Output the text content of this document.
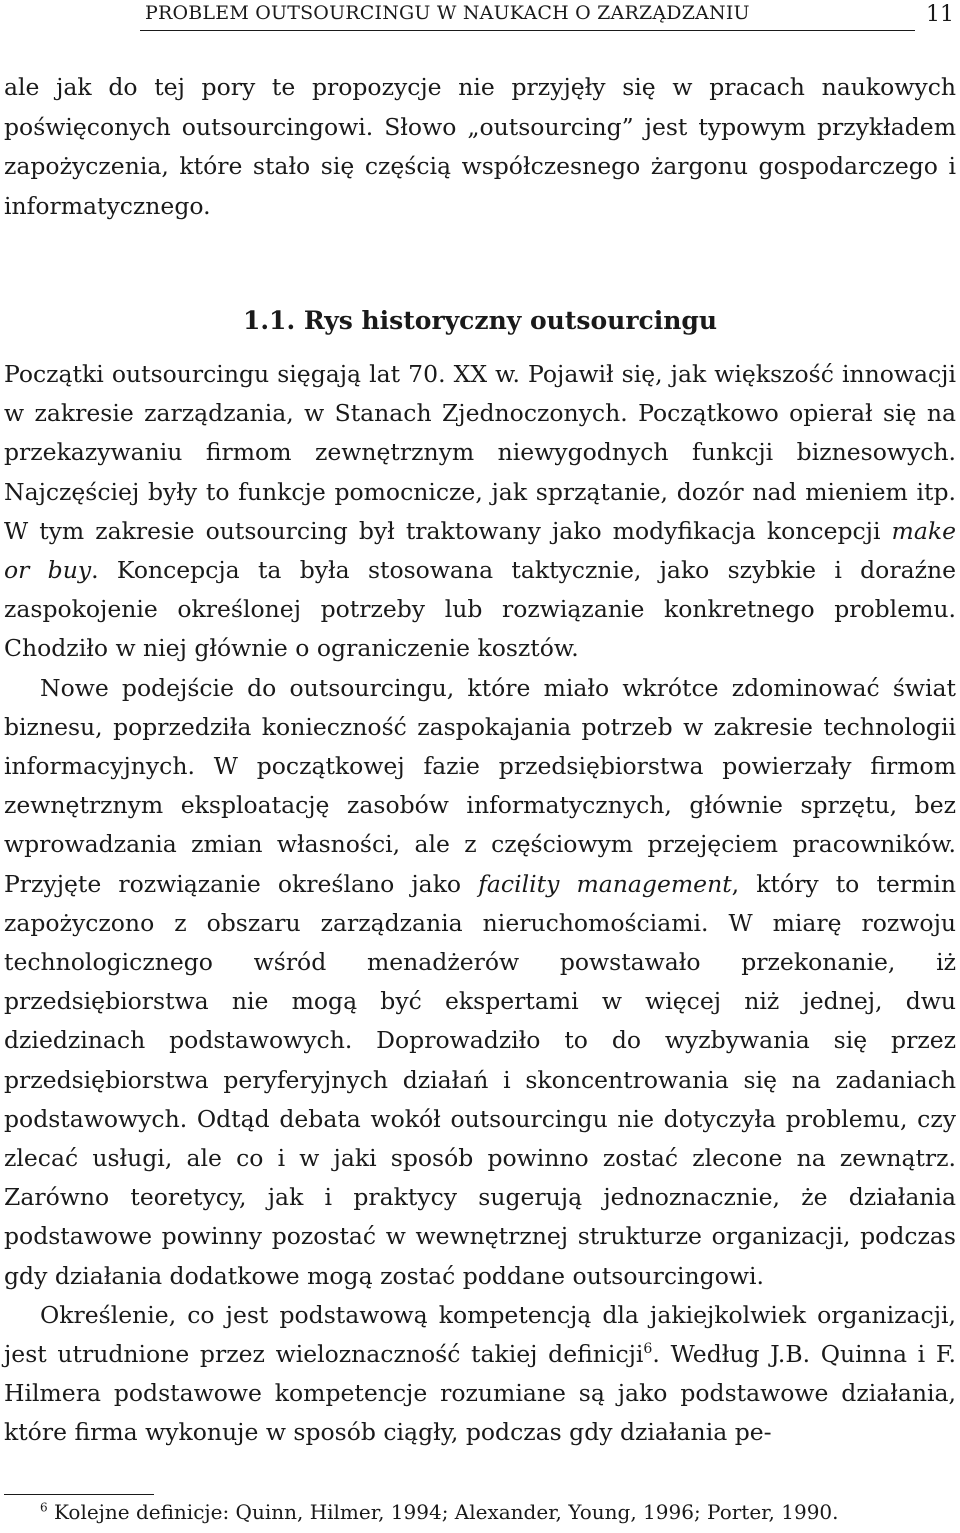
PROBLEM OUTSOURCINGU W NAUKACH O ZARZĄDZANIU	11

ale jak do tej pory te propozycje nie przyjęły się w pracach naukowych poświęconych outsourcingowi. Słowo „outsourcing” jest typowym przykładem zapożyczenia, które stało się częścią współczesnego żargonu gospodarczego i informatycznego.

1.1. Rys historyczny outsourcingu

Początki outsourcingu sięgają lat 70. XX w. Pojawił się, jak większość innowacji w zakresie zarządzania, w Stanach Zjednoczonych. Początkowo opierał się na przekazywaniu firmom zewnętrznym niewygodnych funkcji biznesowych. Najczęściej były to funkcje pomocnicze, jak sprzątanie, dozór nad mieniem itp. W tym zakresie outsourcing był traktowany jako modyfikacja koncepcji make or buy. Koncepcja ta była stosowana taktycznie, jako szybkie i doraźne zaspokojenie określonej potrzeby lub rozwiązanie konkretnego problemu. Chodziło w niej głównie o ograniczenie kosztów.

Nowe podejście do outsourcingu, które miało wkrótce zdominować świat biznesu, poprzedziła konieczność zaspokajania potrzeb w zakresie technologii informacyjnych. W początkowej fazie przedsiębiorstwa powierzały firmom zewnętrznym eksploatację zasobów informatycznych, głównie sprzętu, bez wprowadzania zmian własności, ale z częściowym przejęciem pracowników. Przyjęte rozwiązanie określano jako facility management, który to termin zapożyczono z obszaru zarządzania nieruchomościami. W miarę rozwoju technologicznego wśród menadżerów powstawało przekonanie, iż przedsiębiorstwa nie mogą być ekspertami w więcej niż jednej, dwu dziedzinach podstawowych. Doprowadziło to do wyzbywania się przez przedsiębiorstwa peryferyjnych działań i skoncentrowania się na zadaniach podstawowych. Odtąd debata wokół outsourcingu nie dotyczyła problemu, czy zlecać usługi, ale co i w jaki sposób powinno zostać zlecone na zewnątrz. Zarówno teoretycy, jak i praktycy sugerują jednoznacznie, że działania podstawowe powinny pozostać w wewnętrznej strukturze organizacji, podczas gdy działania dodatkowe mogą zostać poddane outsourcingowi.

Określenie, co jest podstawową kompetencją dla jakiejkolwiek organizacji, jest utrudnione przez wieloznaczność takiej definicji$^6$. Według J.B. Quinna i F. Hilmera podstawowe kompetencje rozumiane są jako podstawowe działania, które firma wykonuje w sposób ciągły, podczas gdy działania pe-

$^6$ Kolejne definicje: Quinn, Hilmer, 1994; Alexander, Young, 1996; Porter, 1990.
